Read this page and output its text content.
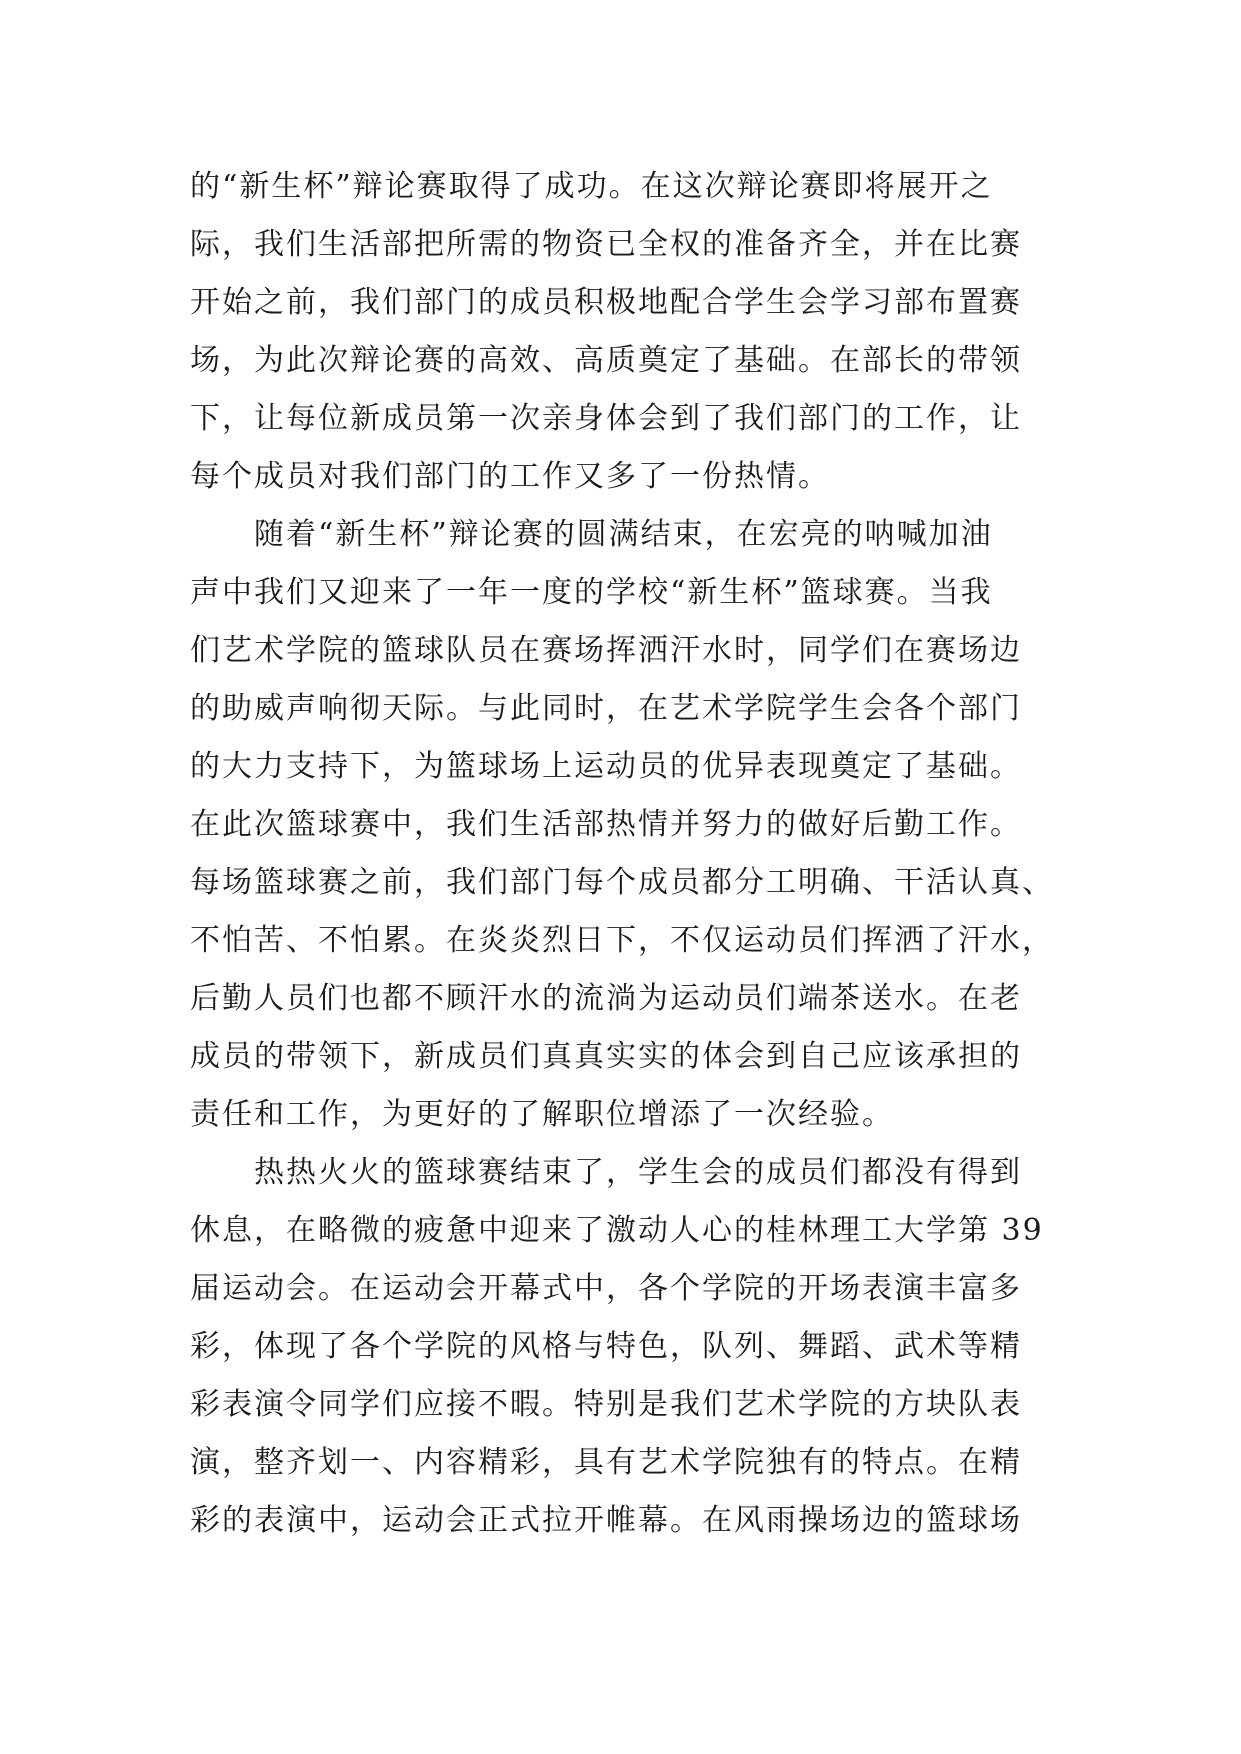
的“新生杯”辩论赛取得了成功。在这次辩论赛即将展开之
际，我们生活部把所需的物资已全权的准备齐全，并在比赛
开始之前，我们部门的成员积极地配合学生会学习部布置赛
场，为此次辩论赛的高效、高质奠定了基础。在部长的带领
下，让每位新成员第一次亲身体会到了我们部门的工作，让
每个成员对我们部门的工作又多了一份热情。
随着“新生杯”辩论赛的圆满结束，在宏亮的呐喊加油
声中我们又迎来了一年一度的学校“新生杯”篮球赛。当我
们艺术学院的篮球队员在赛场挥洒汗水时，同学们在赛场边
的助威声响彻天际。与此同时，在艺术学院学生会各个部门
的大力支持下，为篮球场上运动员的优异表现奠定了基础。
在此次篮球赛中，我们生活部热情并努力的做好后勤工作。
每场篮球赛之前，我们部门每个成员都分工明确、干活认真、
不怕苦、不怕累。在炎炎烈日下，不仅运动员们挥洒了汗水，
后勤人员们也都不顾汗水的流淌为运动员们端茶送水。在老
成员的带领下，新成员们真真实实的体会到自己应该承担的
责任和工作，为更好的了解职位增添了一次经验。
热热火火的篮球赛结束了，学生会的成员们都没有得到
休息，在略微的疲惫中迎来了激动人心的桂林理工大学第 39
届运动会。在运动会开幕式中，各个学院的开场表演丰富多
彩，体现了各个学院的风格与特色，队列、舞蹈、武术等精
彩表演令同学们应接不暇。特别是我们艺术学院的方块队表
演，整齐划一、内容精彩，具有艺术学院独有的特点。在精
彩的表演中，运动会正式拉开帷幕。在风雨操场边的篮球场
